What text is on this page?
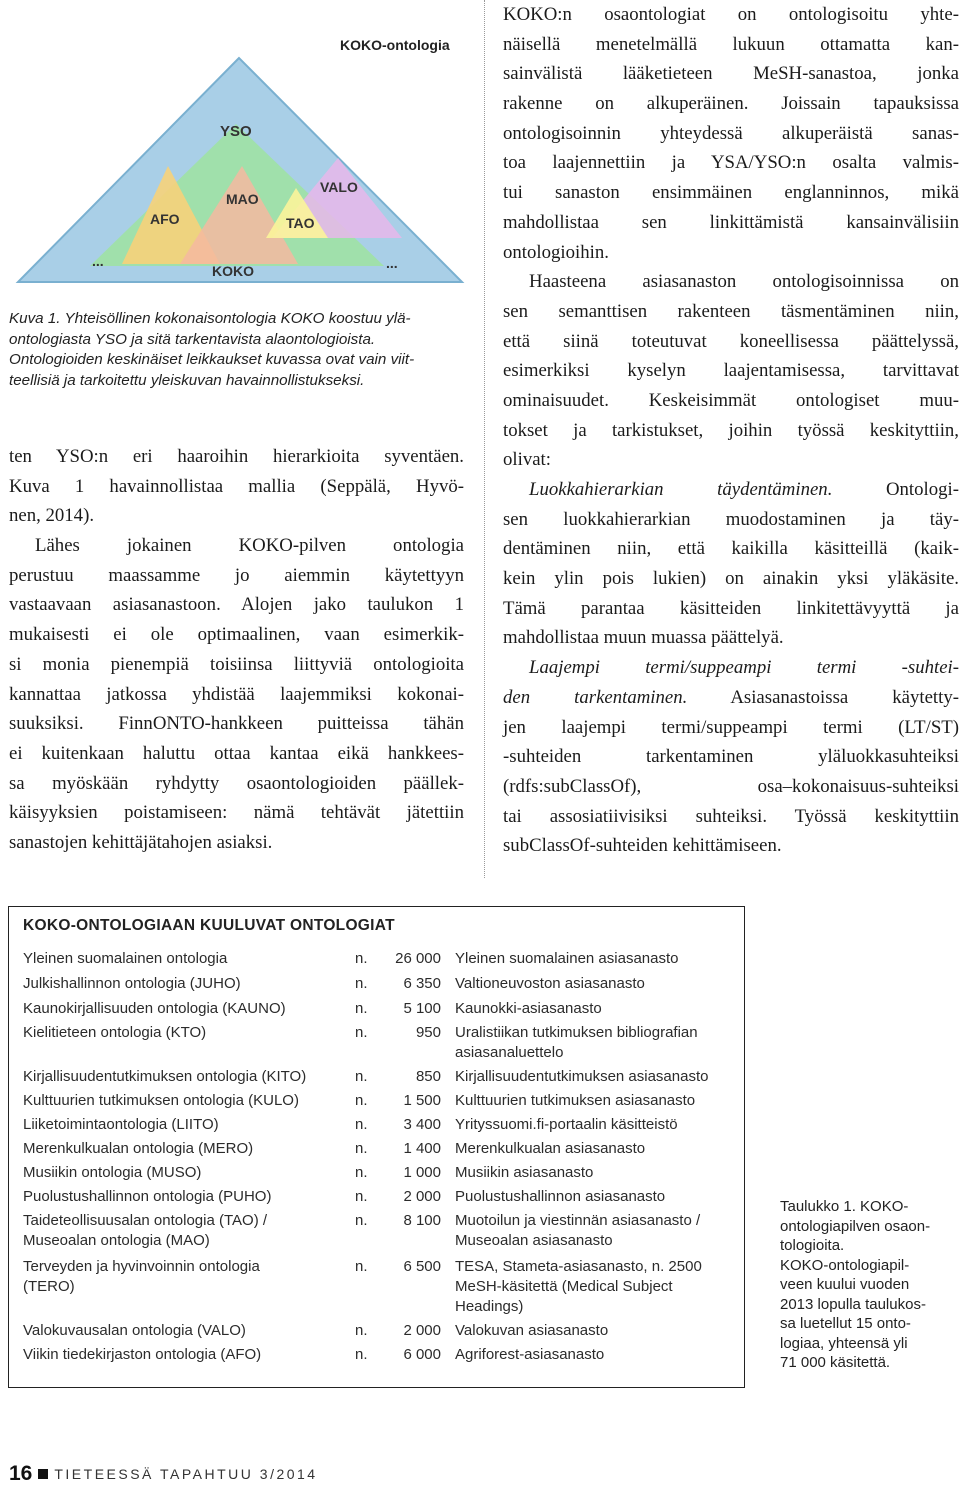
KOKO-ontologia
YSO
MAO
VALO
AFO	TAO
KOKO
...	...
Kuva 1. Yhteisöllinen kokonaisontologia KOKO koostuu ylä-
ontologiasta YSO ja sitä tarkentavista alaontologioista.
Ontologioiden keskinäiset leikkaukset kuvassa ovat vain viit-
teellisiä ja tarkoitettu yleiskuvan havainnollistukseksi.
ten YSO:n eri haaroihin hierarkioita syventäen.
Kuva 1 havainnollistaa mallia (Seppälä, Hyvö-
nen, 2014).
Lähes jokainen KOKO-pilven ontologia
perustuu maassamme jo aiemmin käytettyyn
vastaavaan asiasanastoon. Alojen jako taulukon 1
mukaisesti ei ole optimaalinen, vaan esimerkik-
si monia pienempiä toisiinsa liittyviä ontologioita
kannattaa jatkossa yhdistää laajemmiksi kokonai-
suuksiksi. FinnONTO-hankkeen puitteissa tähän
ei kuitenkaan haluttu ottaa kantaa eikä hankkees-
sa myöskään ryhdytty osaontologioiden päällek-
käisyyksien poistamiseen: nämä tehtävät jätettiin
sanastojen kehittäjätahojen asiaksi.
KOKO:n osaontologiat on ontologisoitu yhte-
näisellä menetelmällä lukuun ottamatta kan-
sainvälistä lääketieteen MeSH-sanastoa, jonka
rakenne on alkuperäinen. Joissain tapauksissa
ontologisoinnin yhteydessä alkuperäistä sanas-
toa laajennettiin ja YSA/YSO:n osalta valmis-
tui sanaston ensimmäinen englanninnos, mikä
mahdollistaa sen linkittämistä kansainvälisiin
ontologioihin.
Haasteena asiasanaston ontologisoinnissa on
sen semanttisen rakenteen täsmentäminen niin,
että siinä toteutuvat koneellisessa päättelyssä,
esimerkiksi kyselyn laajentamisessa, tarvittavat
ominaisuudet. Keskeisimmät ontologiset muu-
tokset ja tarkistukset, joihin työssä keskityttiin,
olivat:
Luokkahierarkian täydentäminen. Ontologi-
sen luokkahierarkian muodostaminen ja täy-
dentäminen niin, että kaikilla käsitteillä (kaik-
kein ylin pois lukien) on ainakin yksi yläkäsite.
Tämä parantaa käsitteiden linkitettävyyttä ja
mahdollistaa muun muassa päättelyä.
Laajempi termi/suppeampi termi -suhtei-
den tarkentaminen. Asiasanastoissa käytetty-
jen laajempi termi/suppeampi termi (LT/ST)
-suhteiden tarkentaminen yläluokkasuhteiksi
(rdfs:subClassOf), osa–kokonaisuus-suhteiksi
tai assosiatiivisiksi suhteiksi. Työssä keskityttiin
subClassOf-suhteiden kehittämiseen.
KOKO-ONTOLOGIAAN KUULUVAT ONTOLOGIAT
Yleinen suomalainen ontologia	n. 26 000 Yleinen suomalainen asiasanasto
Julkishallinnon ontologia (JUHO)	n. 6 350 Valtioneuvoston asiasanasto
Kaunokirjallisuuden ontologia (KAUNO)	n. 5 100 Kaunokki-asiasanasto
Kielitieteen ontologia (KTO)	n.	950 Uralistiikan tutkimuksen bibliografian
asiasanaluettelo
Kirjallisuudentutkimuksen ontologia (KITO)	n.	850 Kirjallisuudentutkimuksen asiasanasto
Kulttuurien tutkimuksen ontologia (KULO)	n. 1 500 Kulttuurien tutkimuksen asiasanasto
Liiketoimintaontologia (LIITO)	n. 3 400 Yrityssuomi.fi-portaalin käsitteistö
Merenkulkualan ontologia (MERO)	n. 1 400 Merenkulkualan asiasanasto
Musiikin ontologia (MUSO)	n. 1 000 Musiikin asiasanasto
Puolustushallinnon ontologia (PUHO)	n. 2 000 Puolustushallinnon asiasanasto
Taideteollisuusalan ontologia (TAO) /
Museoalan ontologia (MAO)
n. 8 100 Muotoilun ja viestinnän asiasanasto /
Museoalan asiasanasto
Terveyden ja hyvinvoinnin ontologia
(TERO)
n. 6 500 TESA, Stameta-asiasanasto, n. 2500
MeSH-käsitettä (Medical Subject
Headings)
Valokuvausalan ontologia (VALO)	n. 2 000 Valokuvan asiasanasto
Viikin tiedekirjaston ontologia (AFO)	n. 6 000 Agriforest-asiasanasto
Taulukko 1. KOKO-
ontologiapilven osaon-
tologioita.
KOKO-ontologiapil-
veen kuului vuoden
2013 lopulla taulukos-
sa luetellut 15 onto-
logiaa, yhteensä yli
71 000 käsitettä.
16 TIETEESSÄ TAPAHTUU 3/2014
